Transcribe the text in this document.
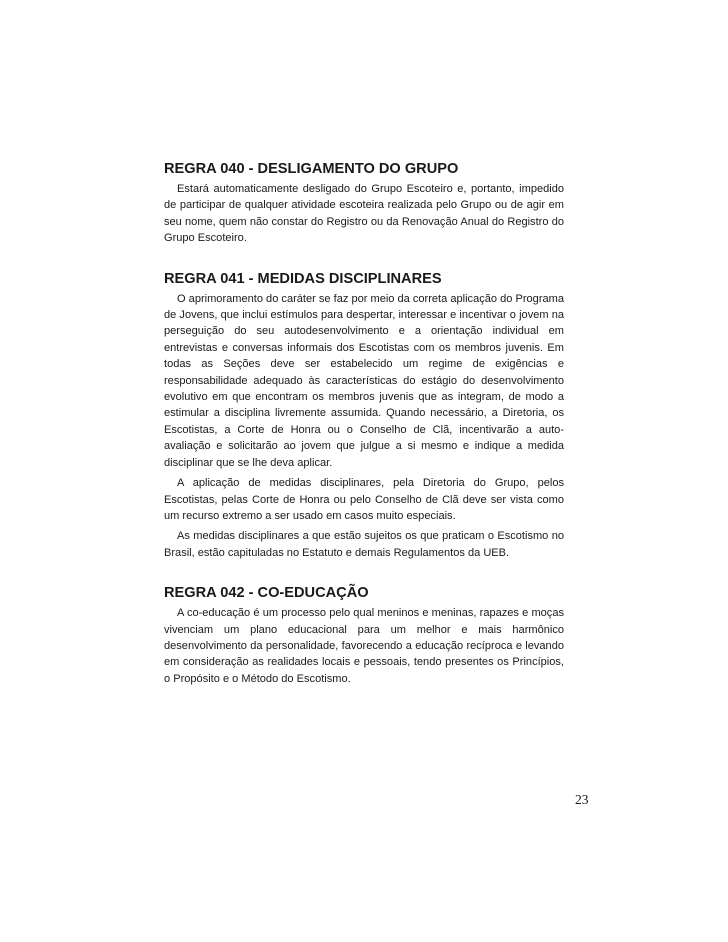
REGRA 040 - DESLIGAMENTO DO GRUPO

Estará automaticamente desligado do Grupo Escoteiro e, portanto, impedido de participar de qualquer atividade escoteira realizada pelo Grupo ou de agir em seu nome, quem não constar do Registro ou da Renovação Anual do Registro do Grupo Escoteiro.

REGRA 041 - MEDIDAS DISCIPLINARES

O aprimoramento do caráter se faz por meio da correta aplicação do Programa de Jovens, que inclui estímulos para despertar, interessar e incentivar o jovem na perseguição do seu autodesenvolvimento e a orientação individual em entrevistas e conversas informais dos Escotistas com os membros juvenis. Em todas as Seções deve ser estabelecido um regime de exigências e responsabilidade adequado às características do estágio do desenvolvimento evolutivo em que encontram os membros juvenis que as integram, de modo a estimular a disciplina livremente assumida. Quando necessário, a Diretoria, os Escotistas, a Corte de Honra ou o Conselho de Clã, incentivarão a auto-avaliação e solicitarão ao jovem que julgue a si mesmo e indique a medida disciplinar que se lhe deva aplicar.

A aplicação de medidas disciplinares, pela Diretoria do Grupo, pelos Escotistas, pelas Corte de Honra ou pelo Conselho de Clã deve ser vista como um recurso extremo a ser usado em casos muito especiais.

As medidas disciplinares a que estão sujeitos os que praticam o Escotismo no Brasil, estão capituladas no Estatuto e demais Regulamentos da UEB.

REGRA 042 - CO-EDUCAÇÃO

A co-educação é um processo pelo qual meninos e meninas, rapazes e moças vivenciam um plano educacional para um melhor e mais harmônico desenvolvimento da personalidade, favorecendo a educação recíproca e levando em consideração as realidades locais e pessoais, tendo presentes os Princípios, o Propósito e o Método do Escotismo.

23
